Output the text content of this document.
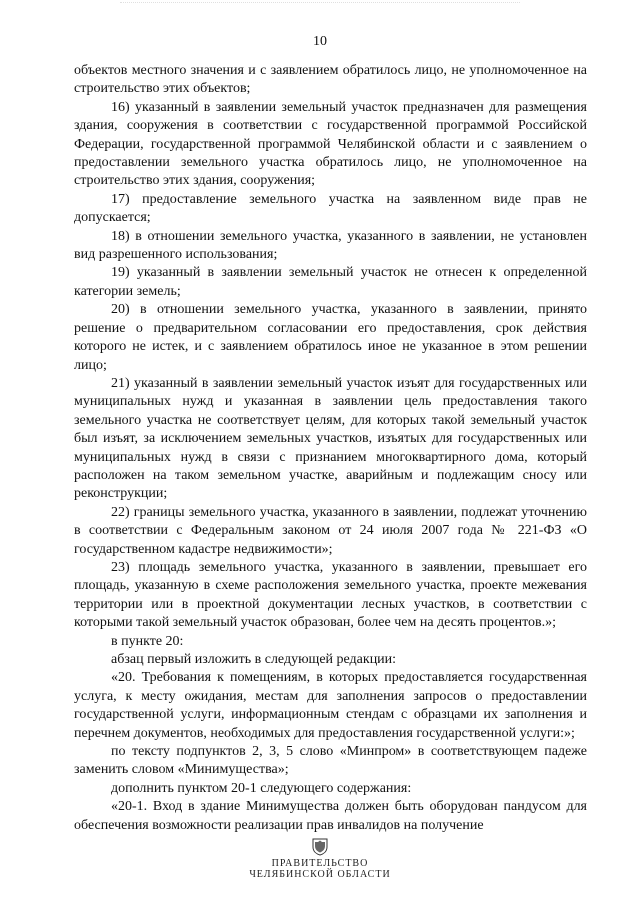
10

объектов местного значения и с заявлением обратилось лицо, не уполномоченное на строительство этих объектов;

16) указанный в заявлении земельный участок предназначен для размещения здания, сооружения в соответствии с государственной программой Российской Федерации, государственной программой Челябинской области и с заявлением о предоставлении земельного участка обратилось лицо, не уполномоченное на строительство этих здания, сооружения;

17) предоставление земельного участка на заявленном виде прав не допускается;

18) в отношении земельного участка, указанного в заявлении, не установлен вид разрешенного использования;

19) указанный в заявлении земельный участок не отнесен к определенной категории земель;

20) в отношении земельного участка, указанного в заявлении, принято решение о предварительном согласовании его предоставления, срок действия которого не истек, и с заявлением обратилось иное не указанное в этом решении лицо;

21) указанный в заявлении земельный участок изъят для государственных или муниципальных нужд и указанная в заявлении цель предоставления такого земельного участка не соответствует целям, для которых такой земельный участок был изъят, за исключением земельных участков, изъятых для государственных или муниципальных нужд в связи с признанием многоквартирного дома, который расположен на таком земельном участке, аварийным и подлежащим сносу или реконструкции;

22) границы земельного участка, указанного в заявлении, подлежат уточнению в соответствии с Федеральным законом от 24 июля 2007 года № 221-ФЗ «О государственном кадастре недвижимости»;

23) площадь земельного участка, указанного в заявлении, превышает его площадь, указанную в схеме расположения земельного участка, проекте межевания территории или в проектной документации лесных участков, в соответствии с которыми такой земельный участок образован, более чем на десять процентов.»;

в пункте 20:

абзац первый изложить в следующей редакции:

«20. Требования к помещениям, в которых предоставляется государственная услуга, к месту ожидания, местам для заполнения запросов о предоставлении государственной услуги, информационным стендам с образцами их заполнения и перечнем документов, необходимых для предоставления государственной услуги:»;

по тексту подпунктов 2, 3, 5 слово «Минпром» в соответствующем падеже заменить словом «Минимущества»;

дополнить пунктом 20-1 следующего содержания:

«20-1. Вход в здание Минимущества должен быть оборудован пандусом для обеспечения возможности реализации прав инвалидов на получение

ПРАВИТЕЛЬСТВО
ЧЕЛЯБИНСКОЙ ОБЛАСТИ
